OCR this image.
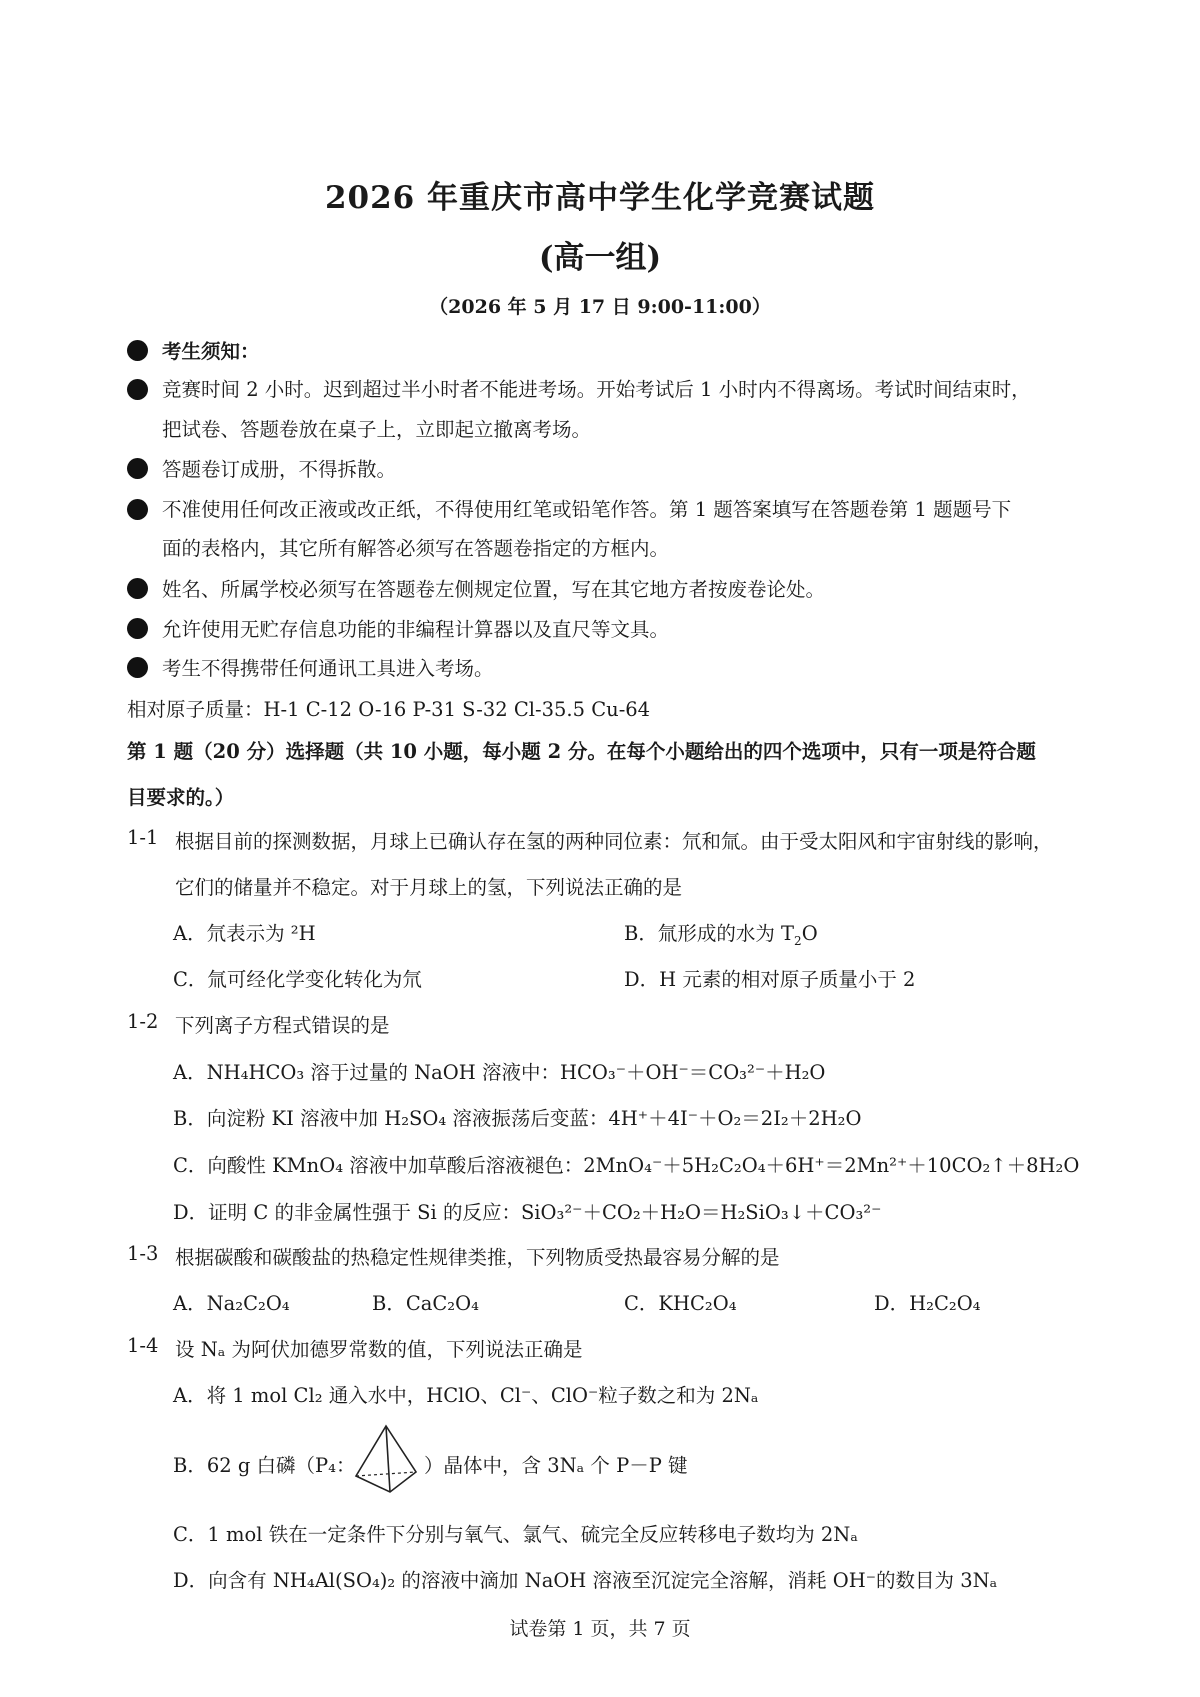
2026 年重庆市高中学生化学竞赛试题
(高一组)
（2026 年 5 月 17 日 9:00-11:00）
考生须知：
竞赛时间 2 小时。迟到超过半小时者不能进考场。开始考试后 1 小时内不得离场。考试时间结束时，
把试卷、答题卷放在桌子上，立即起立撤离考场。
答题卷订成册，不得拆散。
不准使用任何改正液或改正纸，不得使用红笔或铅笔作答。第 1 题答案填写在答题卷第 1 题题号下
面的表格内，其它所有解答必须写在答题卷指定的方框内。
姓名、所属学校必须写在答题卷左侧规定位置，写在其它地方者按废卷论处。
允许使用无贮存信息功能的非编程计算器以及直尺等文具。
考生不得携带任何通讯工具进入考场。
相对原子质量：H-1 C-12 O-16 P-31 S-32 Cl-35.5 Cu-64
第 1 题（20 分）选择题（共 10 小题，每小题 2 分。在每个小题给出的四个选项中，只有一项是符合题
目要求的。）
1-1 根据目前的探测数据，月球上已确认存在氢的两种同位素：氘和氚。由于受太阳风和宇宙射线的影响，
它们的储量并不稳定。对于月球上的氢，下列说法正确的是
A．氘表示为 ²H	B．氚形成的水为 $T_2O$
C．氚可经化学变化转化为氘	D．H 元素的相对原子质量小于 2
1-2 下列离子方程式错误的是
A．NH₄HCO₃ 溶于过量的 NaOH 溶液中：HCO₃⁻＋OH⁻＝CO₃²⁻＋H₂O
B．向淀粉 KI 溶液中加 H₂SO₄ 溶液振荡后变蓝：4H⁺＋4I⁻＋O₂＝2I₂＋2H₂O
C．向酸性 KMnO₄ 溶液中加草酸后溶液褪色：2MnO₄⁻＋5H₂C₂O₄＋6H⁺＝2Mn²⁺＋10CO₂↑＋8H₂O
D．证明 C 的非金属性强于 Si 的反应：SiO₃²⁻＋CO₂＋H₂O＝H₂SiO₃↓＋CO₃²⁻
1-3 根据碳酸和碳酸盐的热稳定性规律类推，下列物质受热最容易分解的是
A．Na₂C₂O₄	B．CaC₂O₄	C．KHC₂O₄	D．H₂C₂O₄
1-4 设 Nₐ 为阿伏加德罗常数的值，下列说法正确是
A．将 1 mol Cl₂ 通入水中，HClO、Cl⁻、ClO⁻粒子数之和为 2Nₐ
B．62 g 白磷（P₄：	）晶体中，含 3Nₐ 个 P－P 键
C．1 mol 铁在一定条件下分别与氧气、氯气、硫完全反应转移电子数均为 2Nₐ
D．向含有 NH₄Al(SO₄)₂ 的溶液中滴加 NaOH 溶液至沉淀完全溶解，消耗 OH⁻的数目为 3Nₐ
试卷第 1 页，共 7 页
